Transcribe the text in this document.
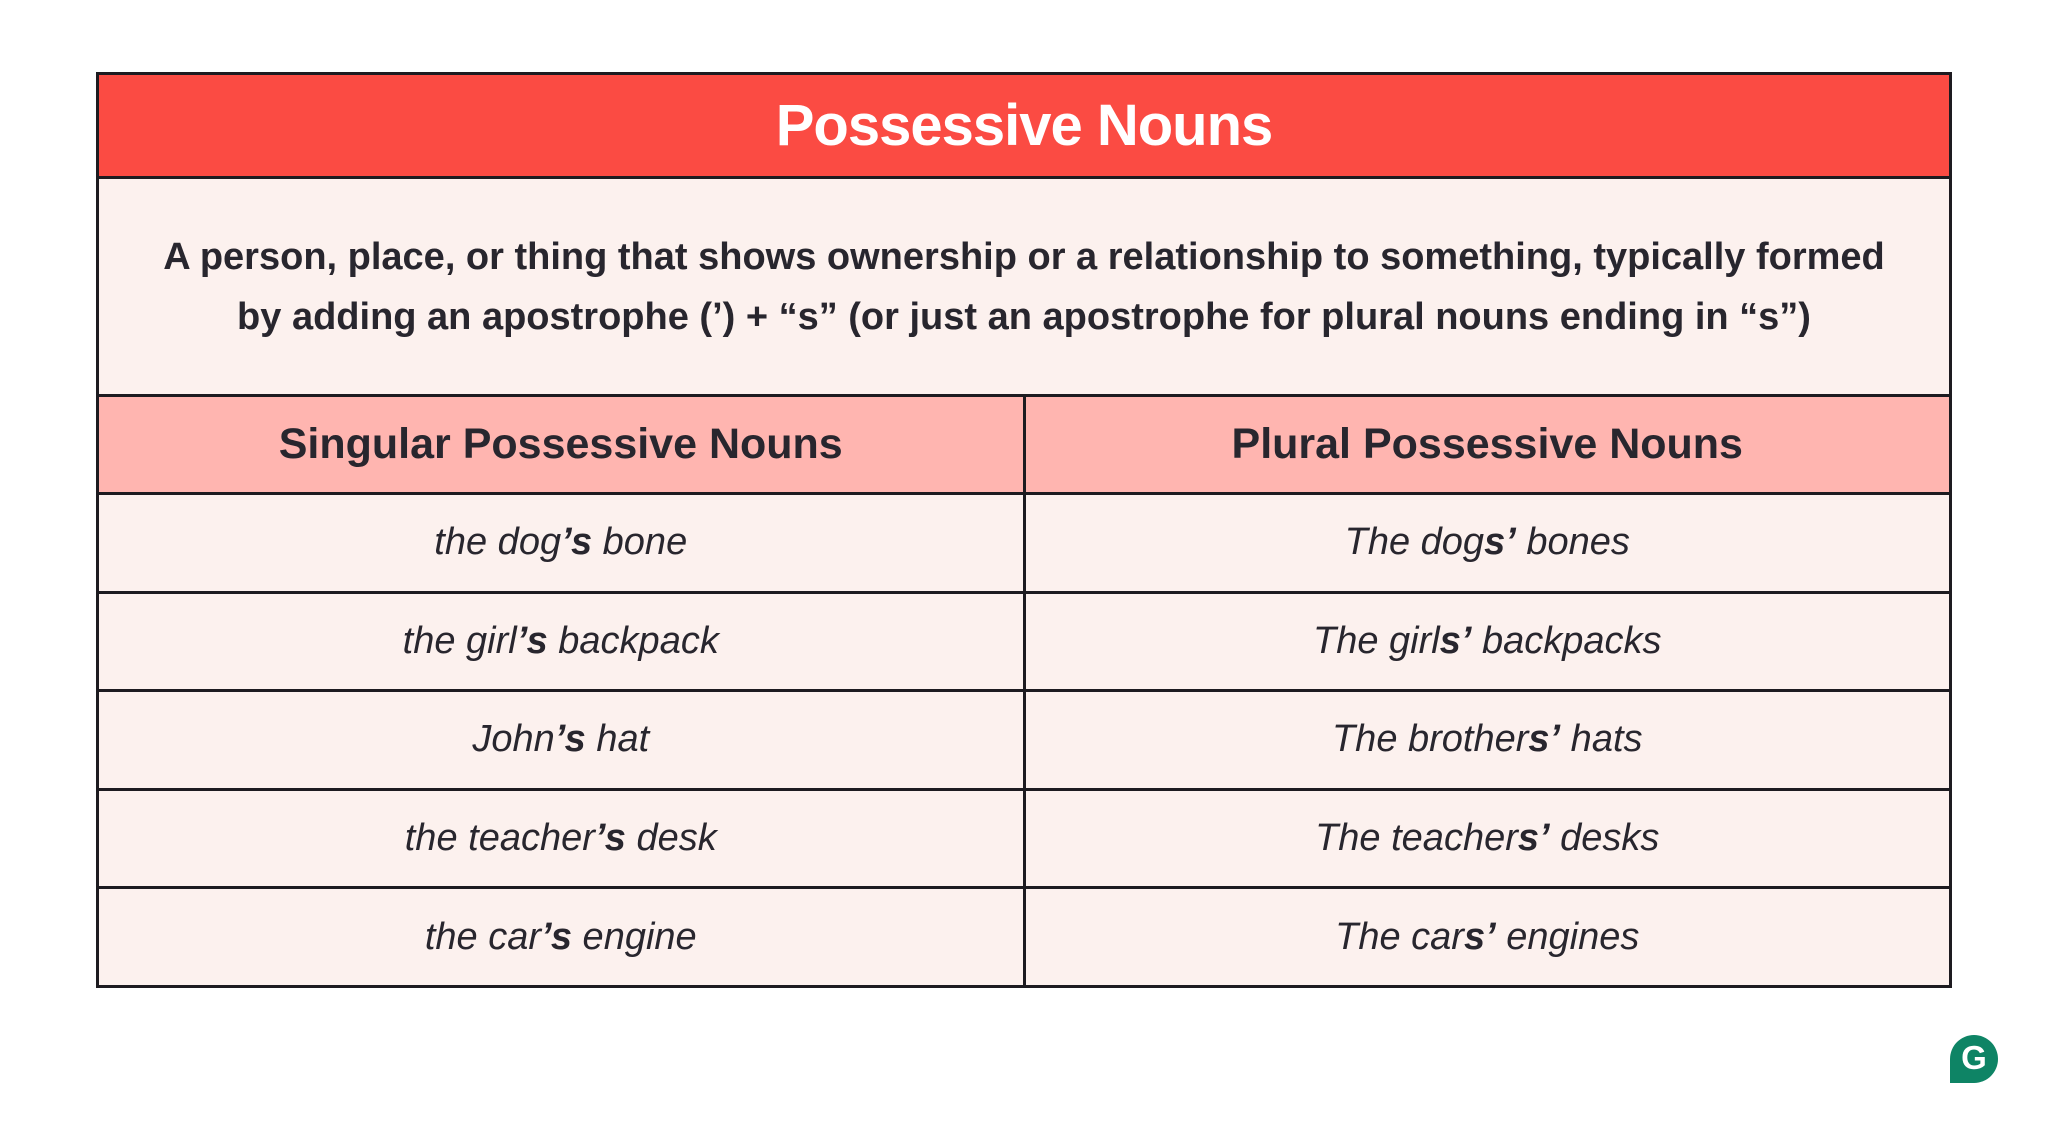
Possessive Nouns
A person, place, or thing that shows ownership or a relationship to something, typically formed
by adding an apostrophe (’) + “s” (or just an apostrophe for plural nouns ending in “s”)
Singular Possessive Nouns	Plural Possessive Nouns
the dog’s bone	The dogs’ bones
the girl’s backpack	The girls’ backpacks
John’s hat	The brothers’ hats
the teacher’s desk	The teachers’ desks
the car’s engine	The cars’ engines
G
